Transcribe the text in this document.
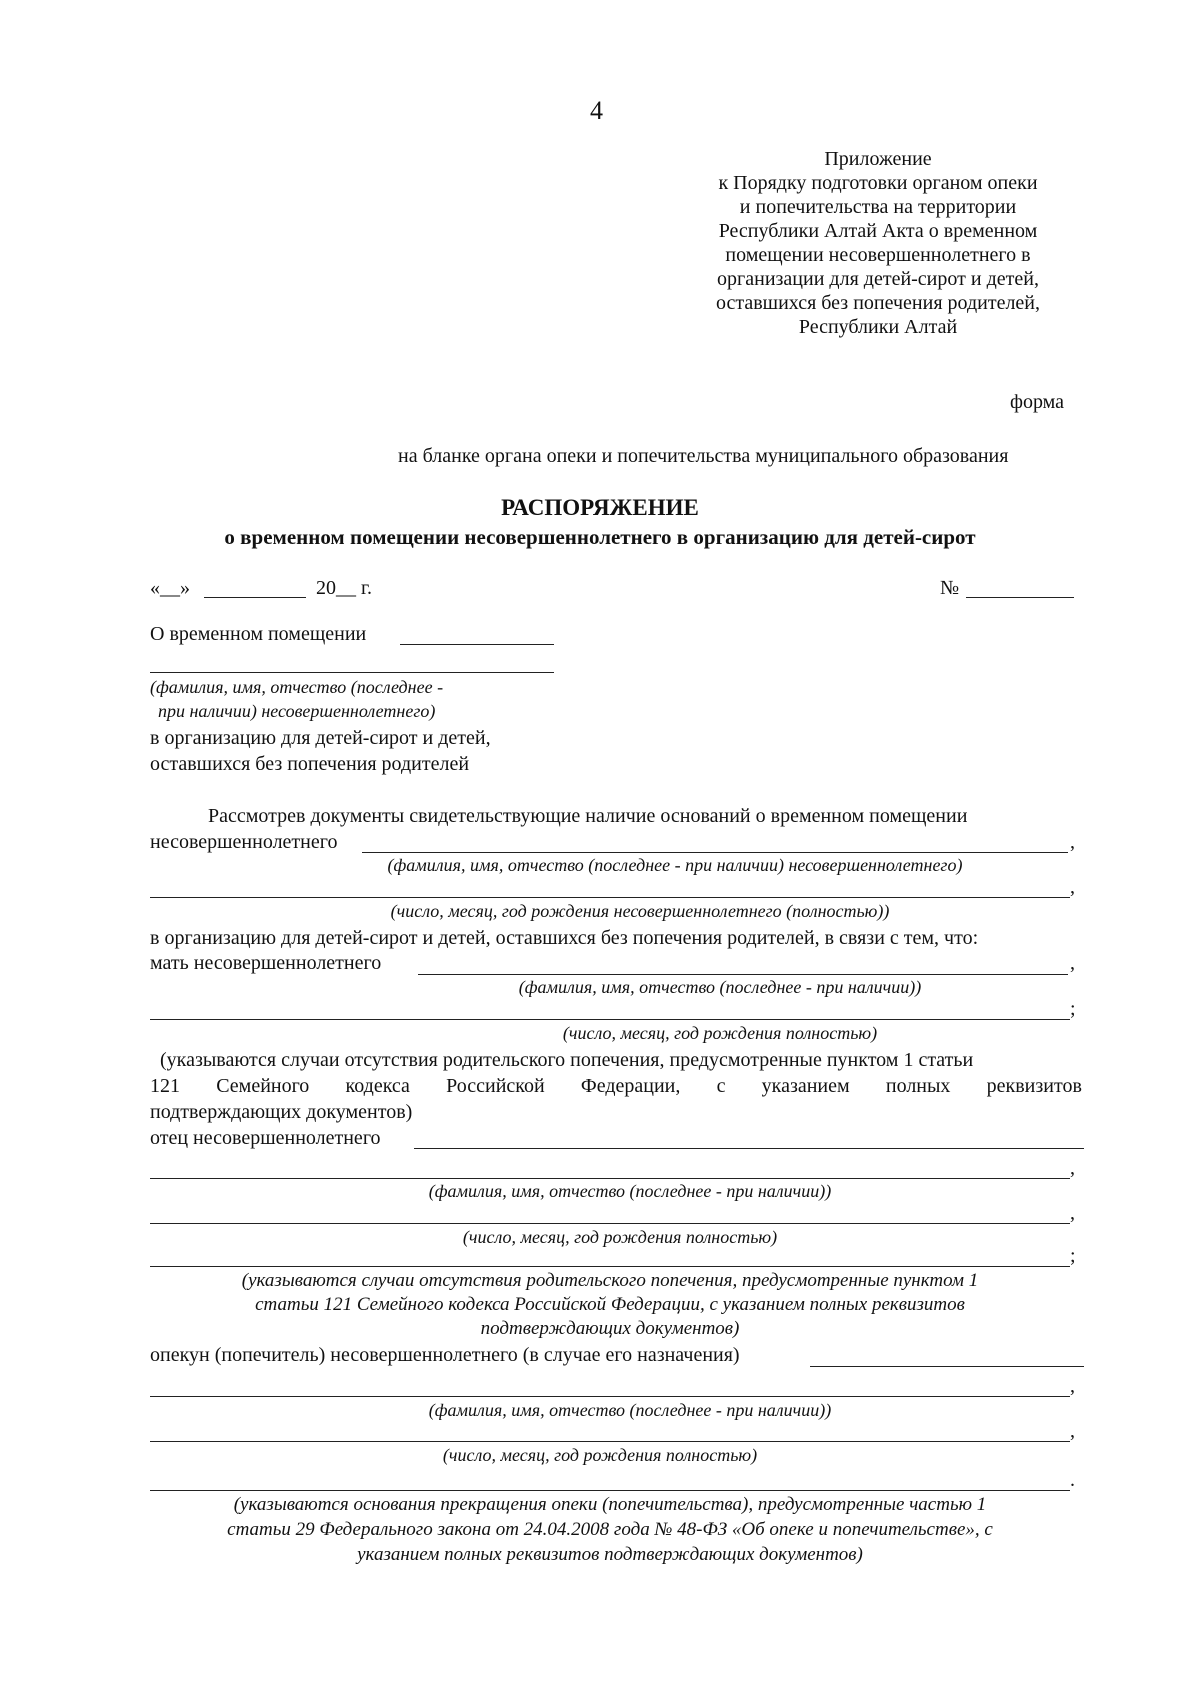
4
Приложение
к Порядку подготовки органом опеки
и попечительства на территории
Республики Алтай Акта о временном
помещении несовершеннолетнего в
организации для детей-сирот и детей,
оставшихся без попечения родителей,
Республики Алтай
форма
на бланке органа опеки и попечительства муниципального образования
РАСПОРЯЖЕНИЕ
о временном помещении несовершеннолетнего в организацию для детей-сирот
«__»	20__ г.	№
О временном помещении
(фамилия, имя, отчество (последнее -
при наличии) несовершеннолетнего)
в организацию для детей-сирот и детей,
оставшихся без попечения родителей
Рассмотрев документы свидетельствующие наличие оснований о временном помещении
несовершеннолетнего	,
(фамилия, имя, отчество (последнее - при наличии) несовершеннолетнего)
,
(число, месяц, год рождения несовершеннолетнего (полностью))
в организацию для детей-сирот и детей, оставшихся без попечения родителей, в связи с тем, что:
мать несовершеннолетнего	,
(фамилия, имя, отчество (последнее - при наличии))
;
(число, месяц, год рождения полностью)
(указываются случаи отсутствия родительского попечения, предусмотренные пунктом 1 статьи
121 Семейного кодекса Российской Федерации, с указанием полных реквизитов
подтверждающих документов)
отец несовершеннолетнего
,
(фамилия, имя, отчество (последнее - при наличии))
,
(число, месяц, год рождения полностью)
;
(указываются случаи отсутствия родительского попечения, предусмотренные пунктом 1
статьи 121 Семейного кодекса Российской Федерации, с указанием полных реквизитов
подтверждающих документов)
опекун (попечитель) несовершеннолетнего (в случае его назначения)
,
(фамилия, имя, отчество (последнее - при наличии))
,
(число, месяц, год рождения полностью)
.
(указываются основания прекращения опеки (попечительства), предусмотренные частью 1
статьи 29 Федерального закона от 24.04.2008 года № 48-ФЗ «Об опеке и попечительстве», с
указанием полных реквизитов подтверждающих документов)
